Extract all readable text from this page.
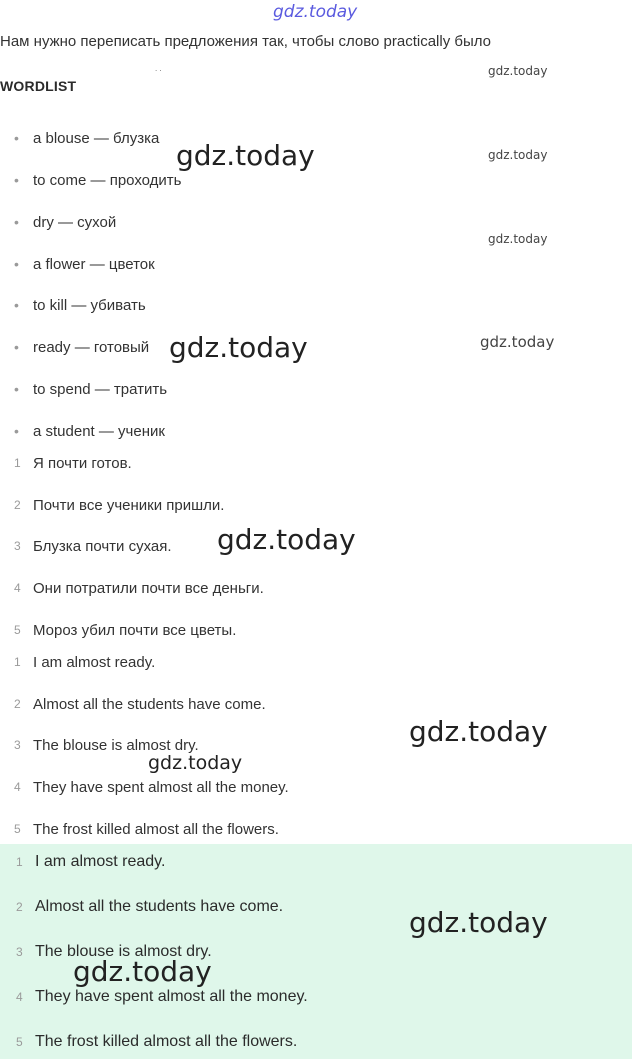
gdz.today
Нам нужно переписать предложения так, чтобы слово practically было
. .
WORDLIST
• a blouse — блузка
• to come — проходить
• dry — сухой
• a flower — цветок
• to kill — убивать
• ready — готовый
• to spend — тратить
• a student — ученик
1 Я почти готов.
2 Почти все ученики пришли.
3 Блузка почти сухая.
4 Они потратили почти все деньги.
5 Мороз убил почти все цветы.
1 I am almost ready.
2 Almost all the students have come.
3 The blouse is almost dry.
4 They have spent almost all the money.
5 The frost killed almost all the flowers.
1 I am almost ready.
2 Almost all the students have come.
3 The blouse is almost dry.
4 They have spent almost all the money.
5 The frost killed almost all the flowers.
gdz.today
gdz.today	gdz.today
gdz.today
gdz.today	gdz.today
gdz.today
gdz.today
gdz.today
gdz.today
gdz.today
